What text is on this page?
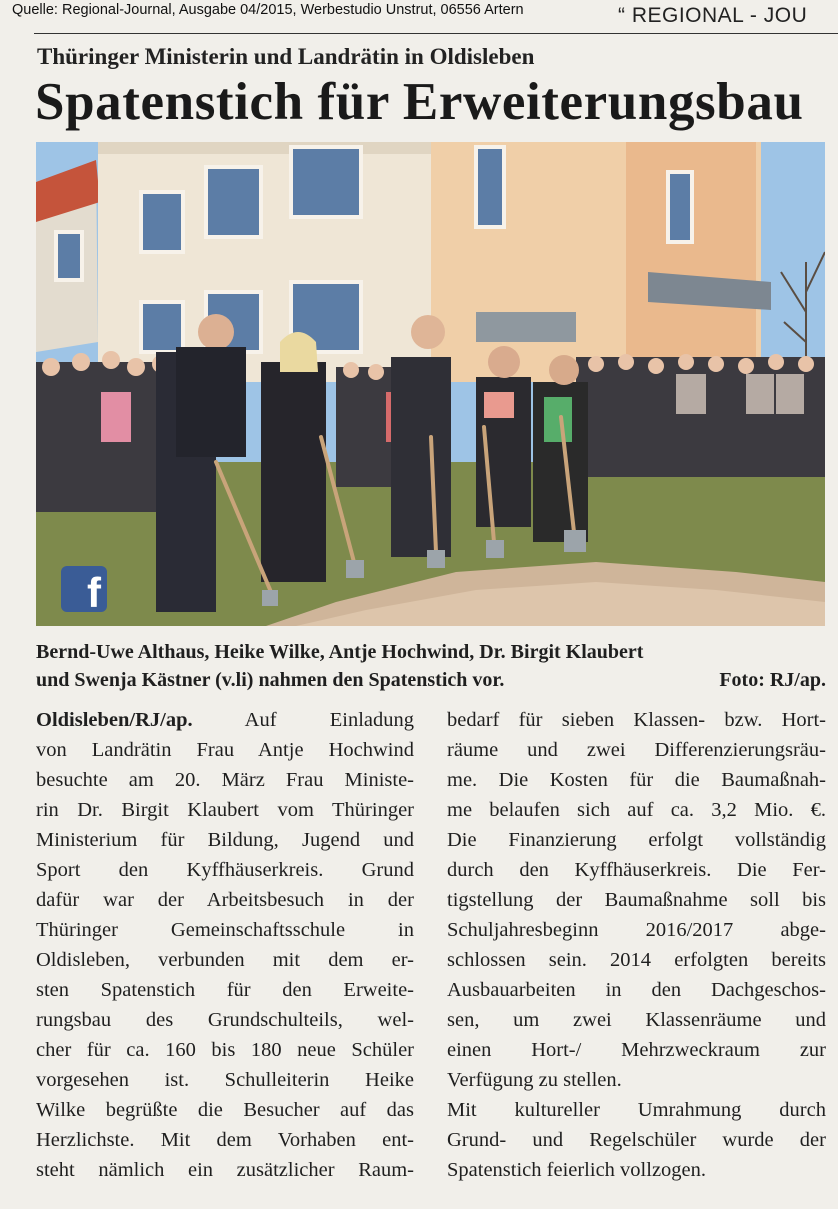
Quelle: Regional-Journal, Ausgabe 04/2015, Werbestudio Unstrut, 06556 Artern	“ REGIONAL - JOU
Thüringer Ministerin und Landrätin in Oldisleben
Spatenstich für Erweiterungsbau
f
Bernd-Uwe Althaus, Heike Wilke, Antje Hochwind, Dr. Birgit Klaubert
und Swenja Kästner (v.li) nahmen den Spatenstich vor.	Foto: RJ/ap.
Oldisleben/RJ/ap. Auf Einladung
von Landrätin Frau Antje Hochwind
besuchte am 20. März Frau Ministe-
rin Dr. Birgit Klaubert vom Thüringer
Ministerium für Bildung, Jugend und
Sport den Kyffhäuserkreis. Grund
dafür war der Arbeitsbesuch in der
Thüringer Gemeinschaftsschule in
Oldisleben, verbunden mit dem er-
sten Spatenstich für den Erweite-
rungsbau des Grundschulteils, wel-
cher für ca. 160 bis 180 neue Schüler
vorgesehen ist. Schulleiterin Heike
Wilke begrüßte die Besucher auf das
Herzlichste. Mit dem Vorhaben ent-
steht nämlich ein zusätzlicher Raum-
bedarf für sieben Klassen- bzw. Hort-
räume und zwei Differenzierungsräu-
me. Die Kosten für die Baumaßnah-
me belaufen sich auf ca. 3,2 Mio. €.
Die Finanzierung erfolgt vollständig
durch den Kyffhäuserkreis. Die Fer-
tigstellung der Baumaßnahme soll bis
Schuljahresbeginn 2016/2017 abge-
schlossen sein. 2014 erfolgten bereits
Ausbauarbeiten in den Dachgeschos-
sen, um zwei Klassenräume und
einen Hort-/ Mehrzweckraum zur
Verfügung zu stellen.
Mit kultureller Umrahmung durch
Grund- und Regelschüler wurde der
Spatenstich feierlich vollzogen.
